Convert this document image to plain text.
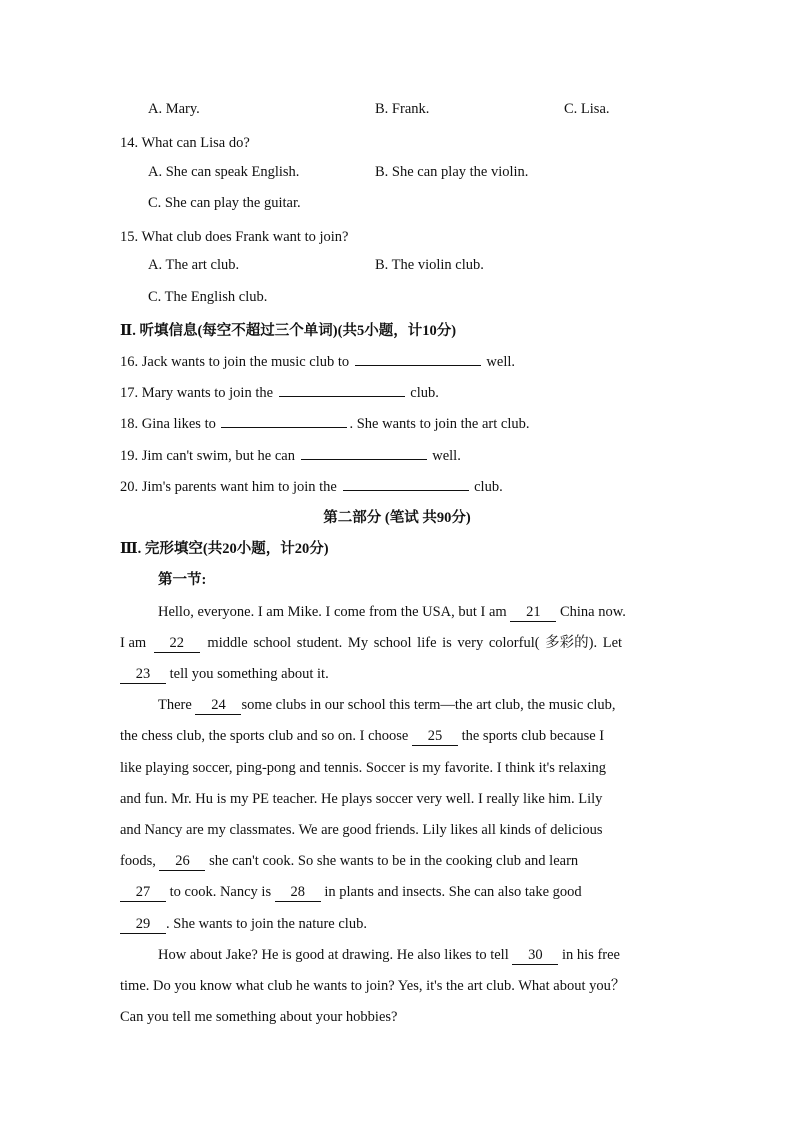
A. Mary.	B. Frank.	C. Lisa.
14. What can Lisa do?
A. She can speak English.	B. She can play the violin.
C. She can play the guitar.
15. What club does Frank want to join?
A. The art club.	B. The violin club.
C. The English club.
Ⅱ. 听填信息(每空不超过三个单词)(共5小题，计10分)
16. Jack wants to join the music club to	well.
17. Mary wants to join the	club.
18. Gina likes to	. She wants to join the art club.
19. Jim can't swim, but he can	well.
20. Jim's parents want him to join the	club.
第二部分 (笔试 共90分)
Ⅲ. 完形填空(共20小题，计20分)
第一节:
Hello, everyone. I am Mike. I come from the USA, but I am 21 China now.
I am 22 middle school student. My school life is very colorful( 多彩的). Let
23 tell you something about it.
There 24 some clubs in our school this term—the art club, the music club,
the chess club, the sports club and so on. I choose 25 the sports club because I
like playing soccer, ping-pong and tennis. Soccer is my favorite. I think it's relaxing
and fun. Mr. Hu is my PE teacher. He plays soccer very well. I really like him. Lily
and Nancy are my classmates. We are good friends. Lily likes all kinds of delicious
foods, 26 she can't cook. So she wants to be in the cooking club and learn
27 to cook. Nancy is 28 in plants and insects. She can also take good
29 . She wants to join the nature club.
How about Jake? He is good at drawing. He also likes to tell 30 in his free
time. Do you know what club he wants to join? Yes, it's the art club. What about you？
Can you tell me something about your hobbies?
